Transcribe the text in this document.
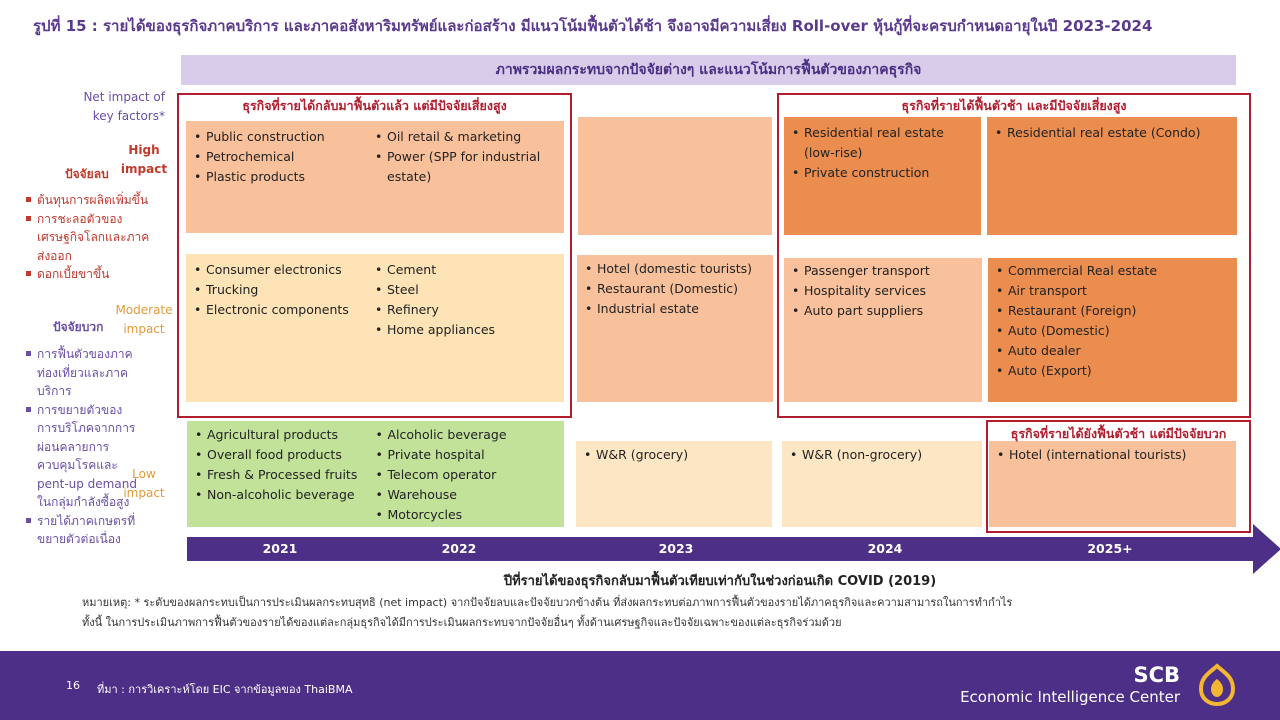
รูปที่ 15 : รายได้ของธุรกิจภาคบริการ และภาคอสังหาริมทรัพย์และก่อสร้าง มีแนวโน้มฟื้นตัวได้ช้า จึงอาจมีความเสี่ยง Roll-over หุ้นกู้ที่จะครบกำหนดอายุในปี 2023-2024
ภาพรวมผลกระทบจากปัจจัยต่างๆ และแนวโน้มการฟื้นตัวของภาคธุรกิจ
Net impact of key factors*
High impact
ปัจจัยลบ
ต้นทุนการผลิตเพิ่มขึ้น
การชะลอตัวของเศรษฐกิจโลกและภาคส่งออก
ดอกเบี้ยขาขึ้น
Moderate impact
ปัจจัยบวก
การฟื้นตัวของภาคท่องเที่ยวและภาคบริการ
การขยายตัวของการบริโภคจากการผ่อนคลายการควบคุมโรคและ pent-up demand ในกลุ่มกำลังซื้อสูง
รายได้ภาคเกษตรที่ขยายตัวต่อเนื่อง
Low impact
• Public construction
• Petrochemical
• Plastic products
• Oil retail & marketing
• Power (SPP for industrial estate)
• Residential real estate (low-rise)
• Private construction
• Residential real estate (Condo)
• Consumer electronics
• Trucking
• Electronic components
• Cement
• Steel
• Refinery
• Home appliances
• Hotel (domestic tourists)
• Restaurant (Domestic)
• Industrial estate
• Passenger transport
• Hospitality services
• Auto part suppliers
• Commercial Real estate
• Air transport
• Restaurant (Foreign)
• Auto (Domestic)
• Auto dealer
• Auto (Export)
• Agricultural products
• Overall food products
• Fresh & Processed fruits
• Non-alcoholic beverage
• Alcoholic beverage
• Private hospital
• Telecom operator
• Warehouse
• Motorcycles
• W&R (grocery)	• W&R (non-grocery)	• Hotel (international tourists)
ธุรกิจที่รายได้กลับมาฟื้นตัวแล้ว แต่มีปัจจัยเสี่ยงสูง	ธุรกิจที่รายได้ฟื้นตัวช้า และมีปัจจัยเสี่ยงสูง
ธุรกิจที่รายได้ยังฟื้นตัวช้า แต่มีปัจจัยบวก
2021	2022	2023	2024	2025+
ปีที่รายได้ของธุรกิจกลับมาฟื้นตัวเทียบเท่ากับในช่วงก่อนเกิด COVID (2019)
หมายเหตุ: * ระดับของผลกระทบเป็นการประเมินผลกระทบสุทธิ (net impact) จากปัจจัยลบและปัจจัยบวกข้างต้น ที่ส่งผลกระทบต่อภาพการฟื้นตัวของรายได้ภาคธุรกิจและความสามารถในการทำกำไร
ทั้งนี้ ในการประเมินภาพการฟื้นตัวของรายได้ของแต่ละกลุ่มธุรกิจได้มีการประเมินผลกระทบจากปัจจัยอื่นๆ ทั้งด้านเศรษฐกิจและปัจจัยเฉพาะของแต่ละธุรกิจร่วมด้วย
16 ที่มา : การวิเคราะห์โดย EIC จากข้อมูลของ ThaiBMA
SCB
Economic Intelligence Center
